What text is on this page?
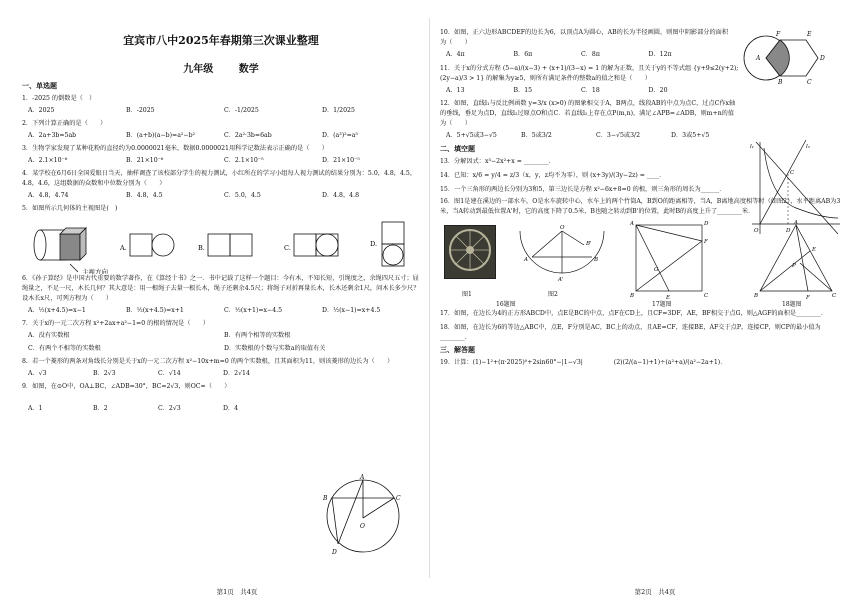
宜宾市八中2025年春期第三次课业整理
九年级	数学
一、单选题
1．-2025 的倒数是（　）
A．2025	B．-2025	C．-1/2025	D．1/2025
2．下列计算正确的是（　　）
A．2a+3b=5ab	B．(a+b)(a−b)=a²−b²	C．2a²·3b=6ab	D．(a³)²=a⁵
3．生物学家发现了某种花粉的直径约为0.0000021毫米，数据0.0000021用科学记数法表示正确的是（　　）
A．2.1×10⁻⁶	B．21×10⁻⁶	C．2.1×10⁻⁵	D．21×10⁻⁵
4．某学校在6月6日全国爱眼日当天，抽样调查了该校部分学生的视力测试，小红所在的学习小组每人视力测试的结果分别为：5.0，4.8，4.5，4.8，4.6，这组数据的众数和中位数分别为（　　）
A．4.8，4.74	B．4.8，4.5	C．5.0，4.5	D．4.8，4.8
5．如图所示几何体的主视图是(　)
主视方向
A.	B.	C.	D.
6．《孙子算经》是中国古代重要的数学著作，在《算经十书》之一．书中记载了这样一个题目：今有木，不知长短，引绳度之，余绳四尺五寸；屈绳量之，不足一尺，木长几何？其大意是：用一根绳子去量一根长木，绳子还剩余4.5尺；将绳子对折再量长木，长木还剩余1尺，问木长多少尺？设木长x尺，可列方程为（　　）
A．½(x+4.5)=x−1	B．½(x+4.5)=x+1	C．½(x+1)=x−4.5	D．½(x−1)=x+4.5
7．关于x的一元二次方程 x²+2ax+a²−1=0 的根的情况是（　　）
A．没有实数根	B．有两个相等的实数根
C．有两个不相等的实数根	D．实数根的个数与实数a的取值有关
8．若一个菱形的两条对角线长分别是关于x的一元二次方程 x²−10x+m=0 的两个实数根，且其面积为11，则该菱形的边长为（　　）
A．√3	B．2√3	C．√14	D．2√14
9．如图，在⊙O中，OA⊥BC，∠ADB=30°，BC=2√3，则OC=（　　）
A．1	B．2	C．2√3	D．4
A
B	C
D
O
第1页　共4页
10．如图，正六边形ABCDEF的边长为6，以顶点A为圆心，AB的长为半径画圆，则图中阴影部分的面积为（　　）
A．4π	B．6π	C．8π	D．12π
A
F	E
D
C
B
11．关于x的分式方程 (5−a)/(x−3) + (x+1)/(3−x) = 1 的解为正数，且关于y的不等式组 {y+9≤2(y+2); (2y−a)/3 > 1} 的解集为y≥5，则所有满足条件的整数a的值之和是（　　）
A．13	B．15	C．18	D．20
12．如图，直线l₁与反比例函数 y=3/x (x>0) 的图象相交于A，B两点，线段AB的中点为点C，过点C作x轴的垂线，垂足为点D，直线l₂过原点O和点C．若直线l₂上存在点P(m,n)，满足∠APB=∠ADB，则m+n的值为（　　）
A．5+√5或3−√5	B．5或3/2	C．3−√5或3/2	D．3或5+√5
l₁	l₂
C
D
O
二、填空题
13．分解因式：x³−2x²+x = ________．
14．已知：x/6 = y/4 = z/3（x，y，z均不为零），则 (x+3y)/(3y−2z) = ____．
15．一个三角形的两边长分别为3和5，第三边长是方程 x²−6x+8=0 的根，则三角形的周长为______．
16．图1是建在溪边的一部水车，O是水车旋转中心，水车上的两个竹筒A，B到O的距离相等，当A，B离地高度相等时（如图2），水平距离AB为3米，当A转动到最低位置A'时，它的高度下降了0.5米，B也随之转动到B'的位置，此时B的高度上升了________米．
O
A	B
B'
A'
A	D
B	C
E
F
G
A
B	C
E
F
P
图1	图2
16题图	17题图	18题图
17．如图，在边长为4的正方形ABCD中，点E是BC的中点，点F在CD上，且CF=3DF，AE，BF相交于点G，则△AGF的面积是________．
18．如图，在边长为6的等边△ABC中，点E，F分别是AC，BC上的动点，且AE=CF，连接BE，AF交于点P，连接CP，则CP的最小值为________．
三、解答题
19．计算：(1)−1²+(π·2025)⁰+2sin60°−|1−√3|　　　　　(2)(2/(a−1)+1)÷(a²+a)/(a²−2a+1)．
第2页　共4页
